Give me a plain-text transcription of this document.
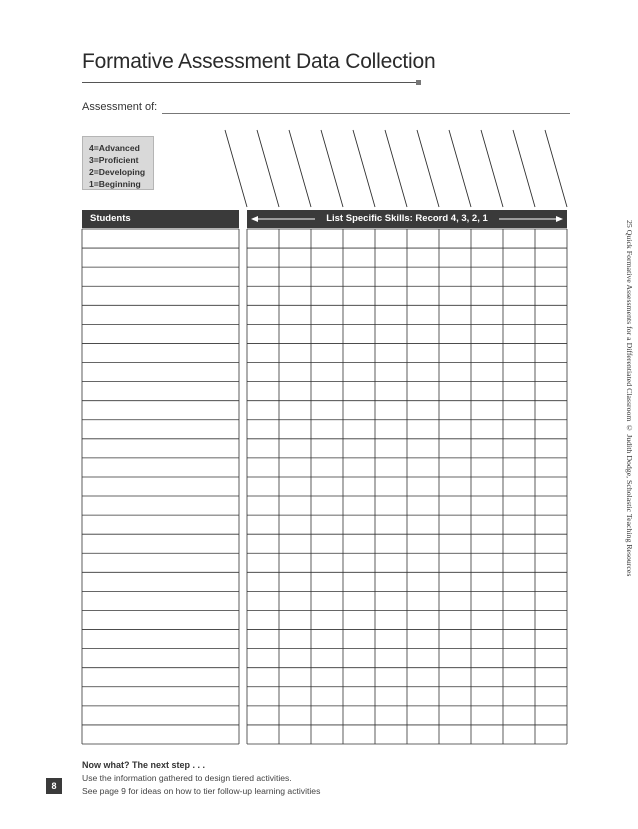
Formative Assessment Data Collection
Assessment of:
4=Advanced
3=Proficient
2=Developing
1=Beginning
Students	List Specific Skills: Record 4, 3, 2, 1
25 Quick Formative Assessments for a Differentiated Classroom © Judith Dodge, Scholastic Teaching Resources
Now what? The next step . . .
Use the information gathered to design tiered activities.
See page 9 for ideas on how to tier follow-up learning activities
8
